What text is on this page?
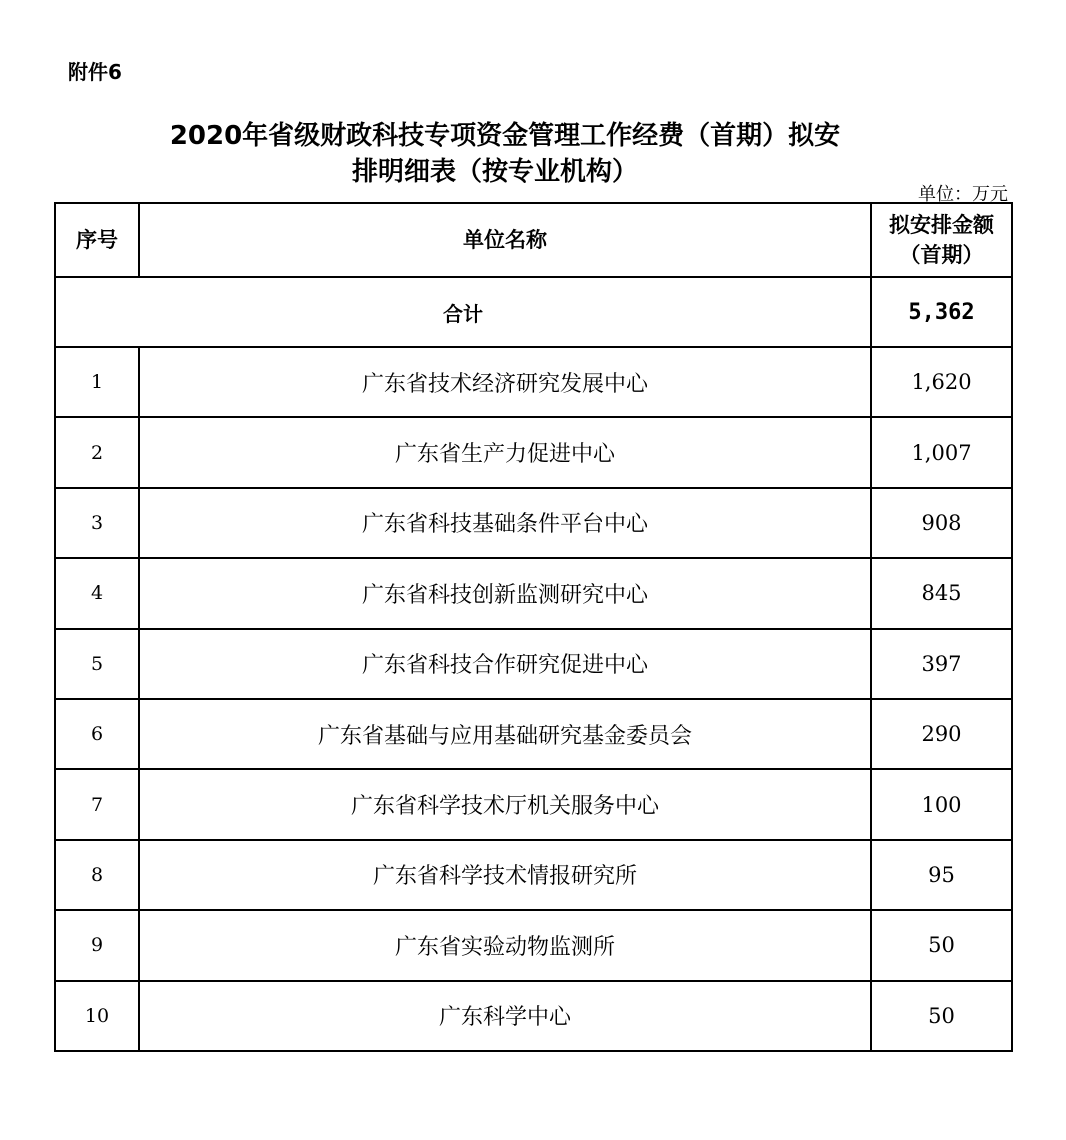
附件6
2020年省级财政科技专项资金管理工作经费（首期）拟安
排明细表（按专业机构）
单位：万元
序号	单位名称	拟安排金额
（首期）

合计		5,362
1	广东省技术经济研究发展中心	1,620
2	广东省生产力促进中心	1,007
3	广东省科技基础条件平台中心	908
4	广东省科技创新监测研究中心	845
5	广东省科技合作研究促进中心	397
6	广东省基础与应用基础研究基金委员会	290
7	广东省科学技术厅机关服务中心	100
8	广东省科学技术情报研究所	95
9	广东省实验动物监测所	50
10	广东科学中心	50
